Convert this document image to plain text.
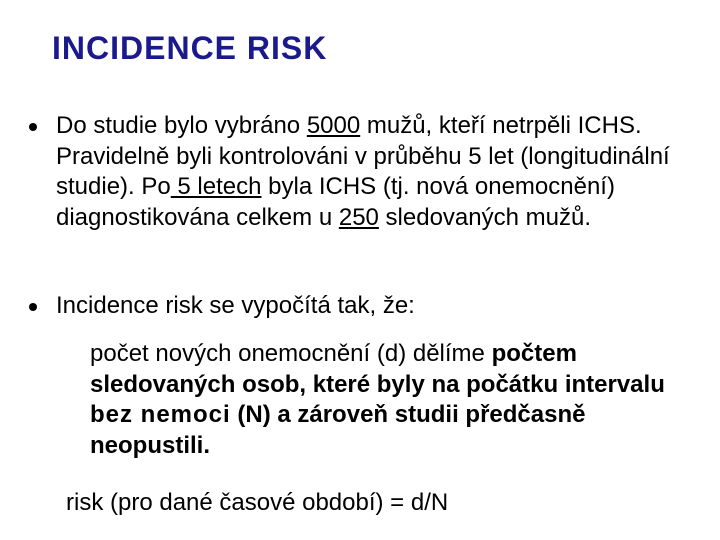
INCIDENCE RISK
Do studie bylo vybráno 5000 mužů, kteří netrpěli ICHS. Pravidelně byli kontrolováni v průběhu 5 let (longitudinální studie). Po 5 letech byla ICHS (tj. nová onemocnění) diagnostikována celkem u 250 sledovaných mužů.
Incidence risk se vypočítá tak, že:
počet nových onemocnění (d) dělíme počtem sledovaných osob, které byly na počátku intervalu bez nemoci (N) a zároveň studii předčasně neopustili.
risk (pro dané časové období) = d/N
